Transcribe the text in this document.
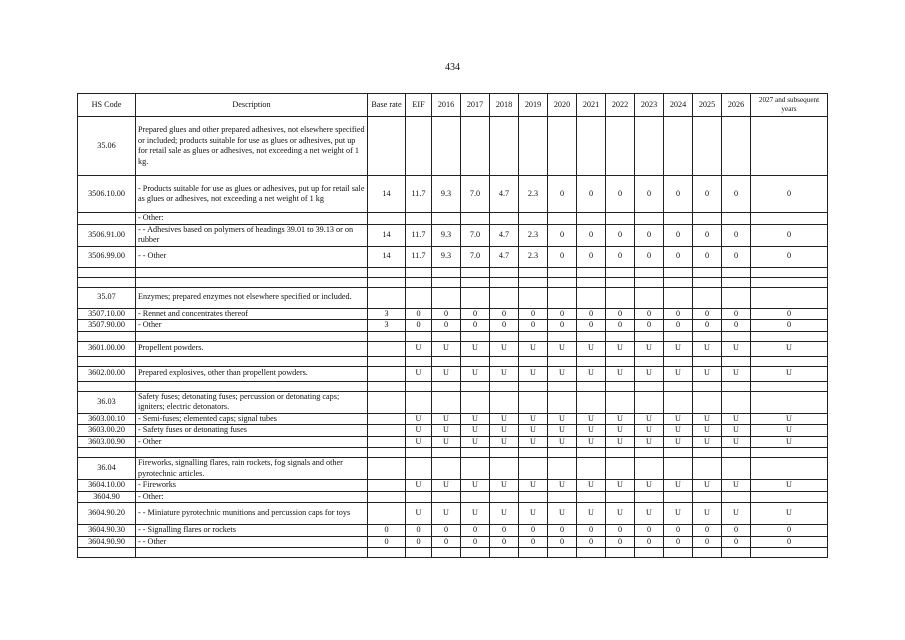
434
HS Code	Description	Base rate	EIF	2016	2017	2018	2019	2020	2021	2022	2023	2024	2025	2026	2027 and subsequent years
35.06	Prepared glues and other prepared adhesives, not elsewhere specified or included; products suitable for use as glues or adhesives, put up for retail sale as glues or adhesives, not exceeding a net weight of 1 kg.														
3506.10.00	- Products suitable for use as glues or adhesives, put up for retail sale as glues or adhesives, not exceeding a net weight of 1 kg	14	11.7	9.3	7.0	4.7	2.3	0	0	0	0	0	0	0	0
	- Other:														
3506.91.00	- - Adhesives based on polymers of headings 39.01 to 39.13 or on rubber	14	11.7	9.3	7.0	4.7	2.3	0	0	0	0	0	0	0	0
3506.99.00	- - Other	14	11.7	9.3	7.0	4.7	2.3	0	0	0	0	0	0	0	0

35.07	Enzymes; prepared enzymes not elsewhere specified or included.														
3507.10.00	- Rennet and concentrates thereof	3	0	0	0	0	0	0	0	0	0	0	0	0	0
3507.90.00	- Other	3	0	0	0	0	0	0	0	0	0	0	0	0	0

3601.00.00	Propellent powders.		U	U	U	U	U	U	U	U	U	U	U	U	U

3602.00.00	Prepared explosives, other than propellent powders.		U	U	U	U	U	U	U	U	U	U	U	U	U

36.03	Safety fuses; detonating fuses; percussion or detonating caps; igniters; electric detonators.														
3603.00.10	- Semi-fuses; elemented caps; signal tubes		U	U	U	U	U	U	U	U	U	U	U	U	U
3603.00.20	- Safety fuses or detonating fuses		U	U	U	U	U	U	U	U	U	U	U	U	U
3603.00.90	- Other		U	U	U	U	U	U	U	U	U	U	U	U	U

36.04	Fireworks, signalling flares, rain rockets, fog signals and other pyrotechnic articles.														
3604.10.00	- Fireworks		U	U	U	U	U	U	U	U	U	U	U	U	U
3604.90	- Other:														
3604.90.20	- - Miniature pyrotechnic munitions and percussion caps for toys		U	U	U	U	U	U	U	U	U	U	U	U	U
3604.90.30	- - Signalling flares or rockets	0	0	0	0	0	0	0	0	0	0	0	0	0	0
3604.90.90	- - Other	0	0	0	0	0	0	0	0	0	0	0	0	0	0
